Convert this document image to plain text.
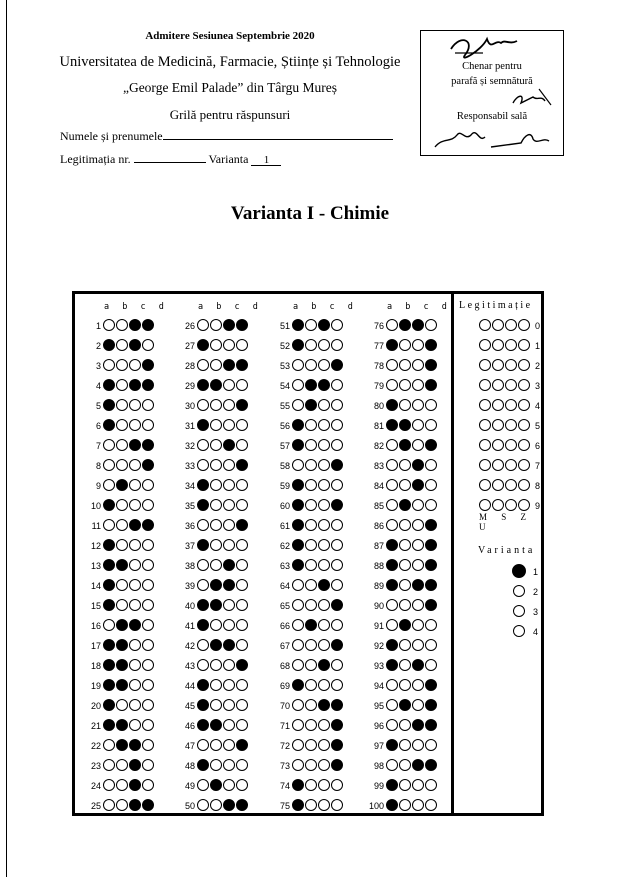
Admitere Sesiunea Septembrie 2020
Universitatea de Medicină, Farmacie, Științe și Tehnologie
„George Emil Palade” din Târgu Mureș
Grilă pentru răspunsuri
Numele și prenumele
Legitimația nr.	Varianta 1
Chenar pentru
parafă și semnătură
Responsabil sală
Varianta I - Chimie
Legitimație
M S Z U
Varianta
a b c d
1
2
3
4
5
6
7
8
9
10
11
12
13
14
15
16
17
18
19
20
21
22
23
24
25
a b c d
26
27
28
29
30
31
32
33
34
35
36
37
38
39
40
41
42
43
44
45
46
47
48
49
50
a b c d
51
52
53
54
55
56
57
58
59
60
61
62
63
64
65
66
67
68
69
70
71
72
73
74
75
a b c d
76
77
78
79
80
81
82
83
84
85
86
87
88
89
90
91
92
93
94
95
96
97
98
99
100
0
1
2
3
4
5
6
7
8
9
1
2
3
4
